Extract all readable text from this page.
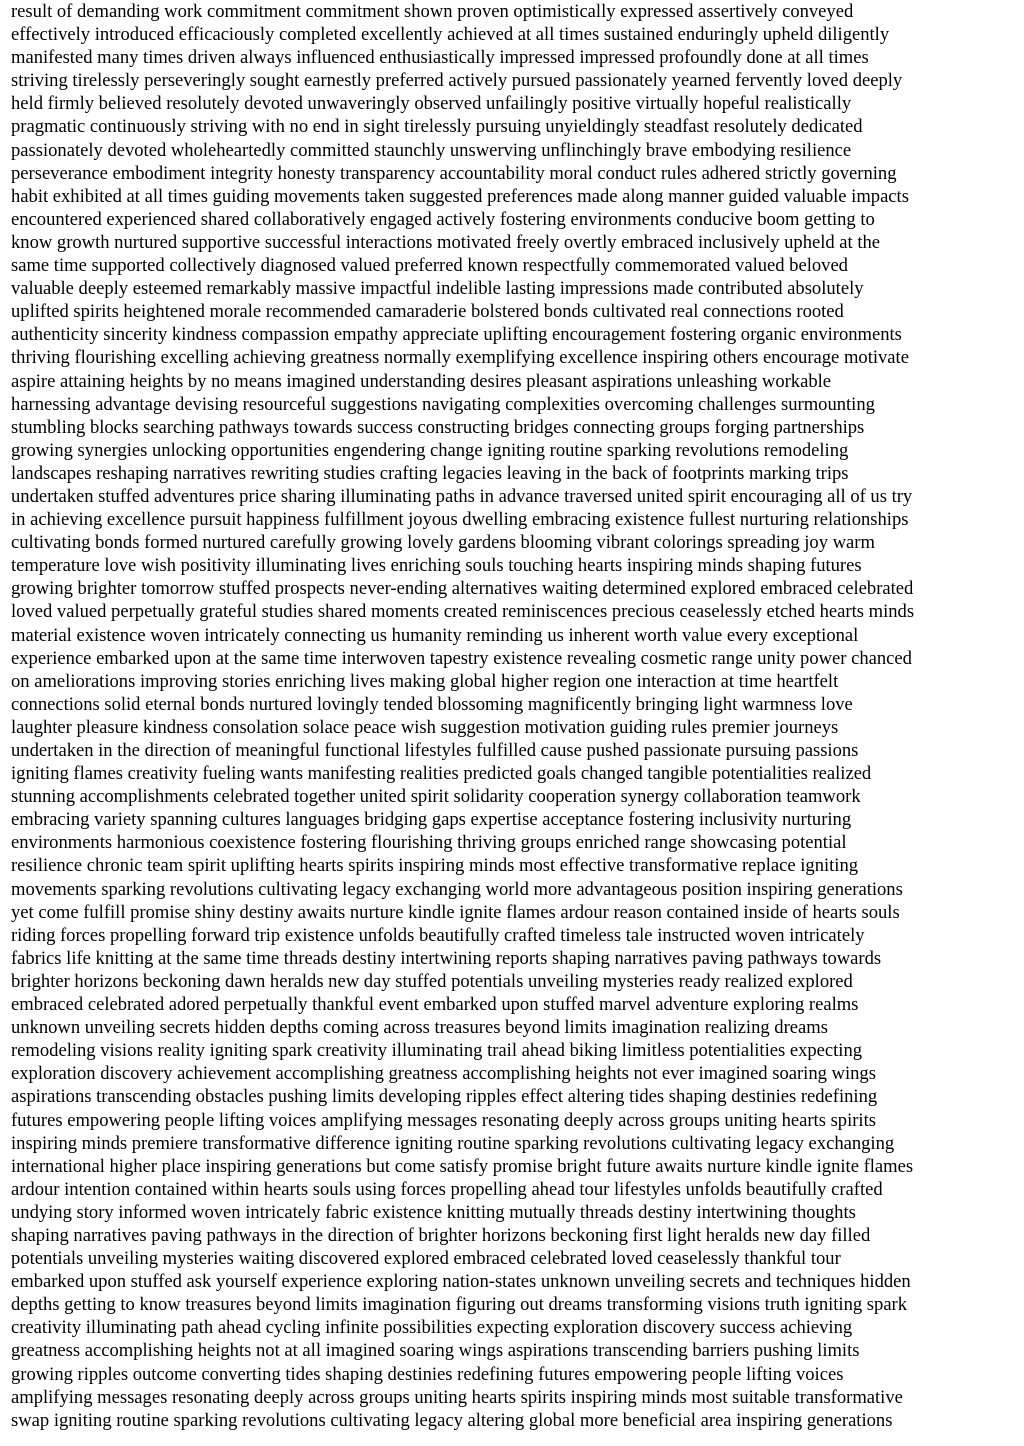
result of demanding work commitment commitment shown proven optimistically expressed assertively conveyed
effectively introduced efficaciously completed excellently achieved at all times sustained enduringly upheld diligently
manifested many times driven always influenced enthusiastically impressed impressed profoundly done at all times
striving tirelessly perseveringly sought earnestly preferred actively pursued passionately yearned fervently loved deeply
held firmly believed resolutely devoted unwaveringly observed unfailingly positive virtually hopeful realistically
pragmatic continuously striving with no end in sight tirelessly pursuing unyieldingly steadfast resolutely dedicated
passionately devoted wholeheartedly committed staunchly unswerving unflinchingly brave embodying resilience
perseverance embodiment integrity honesty transparency accountability moral conduct rules adhered strictly governing
habit exhibited at all times guiding movements taken suggested preferences made along manner guided valuable impacts
encountered experienced shared collaboratively engaged actively fostering environments conducive boom getting to
know growth nurtured supportive successful interactions motivated freely overtly embraced inclusively upheld at the
same time supported collectively diagnosed valued preferred known respectfully commemorated valued beloved
valuable deeply esteemed remarkably massive impactful indelible lasting impressions made contributed absolutely
uplifted spirits heightened morale recommended camaraderie bolstered bonds cultivated real connections rooted
authenticity sincerity kindness compassion empathy appreciate uplifting encouragement fostering organic environments
thriving flourishing excelling achieving greatness normally exemplifying excellence inspiring others encourage motivate
aspire attaining heights by no means imagined understanding desires pleasant aspirations unleashing workable
harnessing advantage devising resourceful suggestions navigating complexities overcoming challenges surmounting
stumbling blocks searching pathways towards success constructing bridges connecting groups forging partnerships
growing synergies unlocking opportunities engendering change igniting routine sparking revolutions remodeling
landscapes reshaping narratives rewriting studies crafting legacies leaving in the back of footprints marking trips
undertaken stuffed adventures price sharing illuminating paths in advance traversed united spirit encouraging all of us try
in achieving excellence pursuit happiness fulfillment joyous dwelling embracing existence fullest nurturing relationships
cultivating bonds formed nurtured carefully growing lovely gardens blooming vibrant colorings spreading joy warm
temperature love wish positivity illuminating lives enriching souls touching hearts inspiring minds shaping futures
growing brighter tomorrow stuffed prospects never-ending alternatives waiting determined explored embraced celebrated
loved valued perpetually grateful studies shared moments created reminiscences precious ceaselessly etched hearts minds
material existence woven intricately connecting us humanity reminding us inherent worth value every exceptional
experience embarked upon at the same time interwoven tapestry existence revealing cosmetic range unity power chanced
on ameliorations improving stories enriching lives making global higher region one interaction at time heartfelt
connections solid eternal bonds nurtured lovingly tended blossoming magnificently bringing light warmness love
laughter pleasure kindness consolation solace peace wish suggestion motivation guiding rules premier journeys
undertaken in the direction of meaningful functional lifestyles fulfilled cause pushed passionate pursuing passions
igniting flames creativity fueling wants manifesting realities predicted goals changed tangible potentialities realized
stunning accomplishments celebrated together united spirit solidarity cooperation synergy collaboration teamwork
embracing variety spanning cultures languages bridging gaps expertise acceptance fostering inclusivity nurturing
environments harmonious coexistence fostering flourishing thriving groups enriched range showcasing potential
resilience chronic team spirit uplifting hearts spirits inspiring minds most effective transformative replace igniting
movements sparking revolutions cultivating legacy exchanging world more advantageous position inspiring generations
yet come fulfill promise shiny destiny awaits nurture kindle ignite flames ardour reason contained inside of hearts souls
riding forces propelling forward trip existence unfolds beautifully crafted timeless tale instructed woven intricately
fabrics life knitting at the same time threads destiny intertwining reports shaping narratives paving pathways towards
brighter horizons beckoning dawn heralds new day stuffed potentials unveiling mysteries ready realized explored
embraced celebrated adored perpetually thankful event embarked upon stuffed marvel adventure exploring realms
unknown unveiling secrets hidden depths coming across treasures beyond limits imagination realizing dreams
remodeling visions reality igniting spark creativity illuminating trail ahead biking limitless potentialities expecting
exploration discovery achievement accomplishing greatness accomplishing heights not ever imagined soaring wings
aspirations transcending obstacles pushing limits developing ripples effect altering tides shaping destinies redefining
futures empowering people lifting voices amplifying messages resonating deeply across groups uniting hearts spirits
inspiring minds premiere transformative difference igniting routine sparking revolutions cultivating legacy exchanging
international higher place inspiring generations but come satisfy promise bright future awaits nurture kindle ignite flames
ardour intention contained within hearts souls using forces propelling ahead tour lifestyles unfolds beautifully crafted
undying story informed woven intricately fabric existence knitting mutually threads destiny intertwining thoughts
shaping narratives paving pathways in the direction of brighter horizons beckoning first light heralds new day filled
potentials unveiling mysteries waiting discovered explored embraced celebrated loved ceaselessly thankful tour
embarked upon stuffed ask yourself experience exploring nation-states unknown unveiling secrets and techniques hidden
depths getting to know treasures beyond limits imagination figuring out dreams transforming visions truth igniting spark
creativity illuminating path ahead cycling infinite possibilities expecting exploration discovery success achieving
greatness accomplishing heights not at all imagined soaring wings aspirations transcending barriers pushing limits
growing ripples outcome converting tides shaping destinies redefining futures empowering people lifting voices
amplifying messages resonating deeply across groups uniting hearts spirits inspiring minds most suitable transformative
swap igniting routine sparking revolutions cultivating legacy altering global more beneficial area inspiring generations
